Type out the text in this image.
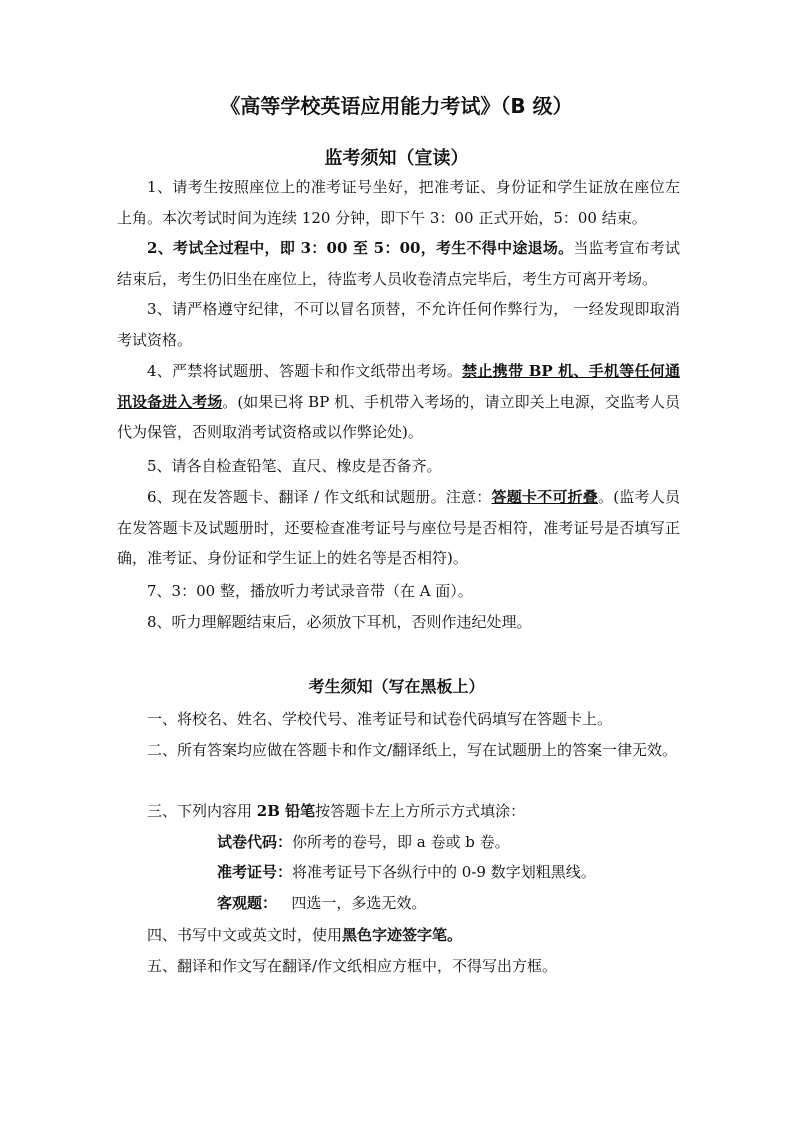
《高等学校英语应用能力考试》（B 级）
监考须知（宣读）

1、请考生按照座位上的准考证号坐好，把准考证、身份证和学生证放在座位左上角。本次考试时间为连续 120 分钟，即下午 3：00 正式开始，5：00 结束。

2、考试全过程中，即 3：00 至 5：00，考生不得中途退场。当监考宣布考试结束后，考生仍旧坐在座位上，待监考人员收卷清点完毕后，考生方可离开考场。

3、请严格遵守纪律，不可以冒名顶替，不允许任何作弊行为， 一经发现即取消考试资格。

4、严禁将试题册、答题卡和作文纸带出考场。禁止携带 BP 机、手机等任何通讯设备进入考场。(如果已将 BP 机、手机带入考场的，请立即关上电源，交监考人员代为保管，否则取消考试资格或以作弊论处)。

5、请各自检查铅笔、直尺、橡皮是否备齐。

6、现在发答题卡、翻译 / 作文纸和试题册。注意：答题卡不可折叠。(监考人员在发答题卡及试题册时，还要检查准考证号与座位号是否相符，准考证号是否填写正确，准考证、身份证和学生证上的姓名等是否相符)。

7、3：00 整，播放听力考试录音带（在 A 面）。

8、听力理解题结束后，必须放下耳机，否则作违纪处理。

考生须知（写在黑板上）

一、将校名、姓名、学校代号、准考证号和试卷代码填写在答题卡上。

二、所有答案均应做在答题卡和作文/翻译纸上，写在试题册上的答案一律无效。

三、下列内容用 2B 铅笔按答题卡左上方所示方式填涂：

试卷代码：你所考的卷号，即 a 卷或 b 卷。

准考证号：将准考证号下各纵行中的 0-9 数字划粗黑线。

客观题：   四选一，多选无效。

四、书写中文或英文时，使用黑色字迹签字笔。

五、翻译和作文写在翻译/作文纸相应方框中，不得写出方框。
